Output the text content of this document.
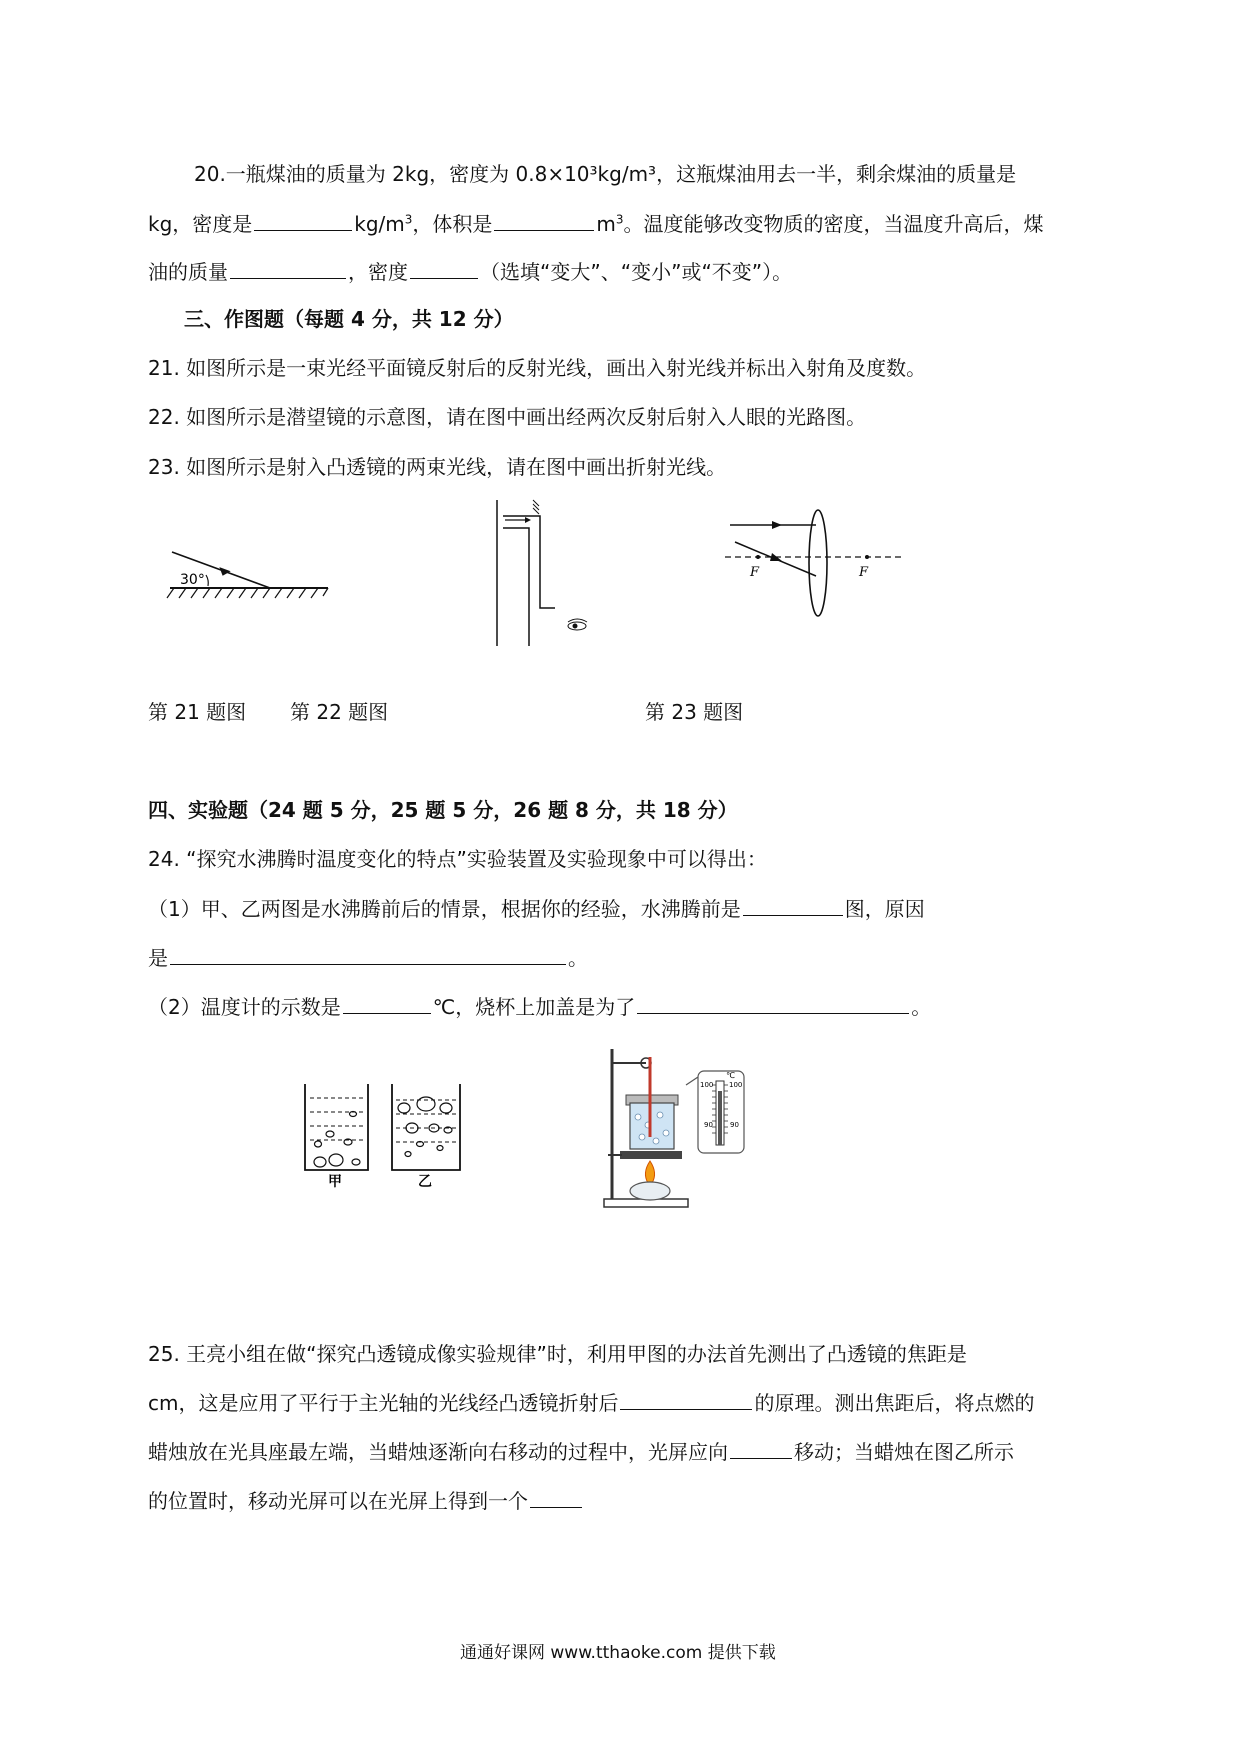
20.一瓶煤油的质量为 2kg，密度为 0.8×10³kg/m³，这瓶煤油用去一半，剩余煤油的质量是
kg，密度是	$kg/m^3$，体积是	$m^3$。温度能够改变物质的密度，当温度升高后，煤
油的质量	，密度	（选填“变大”、“变小”或“不变”）。
三、作图题（每题 4 分，共 12 分）
21. 如图所示是一束光经平面镜反射后的反射光线，画出入射光线并标出入射角及度数。
22. 如图所示是潜望镜的示意图，请在图中画出经两次反射后射入人眼的光路图。
23. 如图所示是射入凸透镜的两束光线，请在图中画出折射光线。
30°	F	F
第 21 题图 第 22 题图	第 23 题图
四、实验题（24 题 5 分，25 题 5 分，26 题 8 分，共 18 分）
24. “探究水沸腾时温度变化的特点”实验装置及实验现象中可以得出：
（1）甲、乙两图是水沸腾前后的情景，根据你的经验，水沸腾前是	图，原因
是	。
（2）温度计的示数是	℃，烧杯上加盖是为了	。
甲	乙
℃
100 100
90 90
25. 王亮小组在做“探究凸透镜成像实验规律”时，利用甲图的办法首先测出了凸透镜的焦距是
cm，这是应用了平行于主光轴的光线经凸透镜折射后	的原理。测出焦距后，将点燃的
蜡烛放在光具座最左端，当蜡烛逐渐向右移动的过程中，光屏应向	移动；当蜡烛在图乙所示
的位置时，移动光屏可以在光屏上得到一个
通通好课网 www.tthaoke.com 提供下载
